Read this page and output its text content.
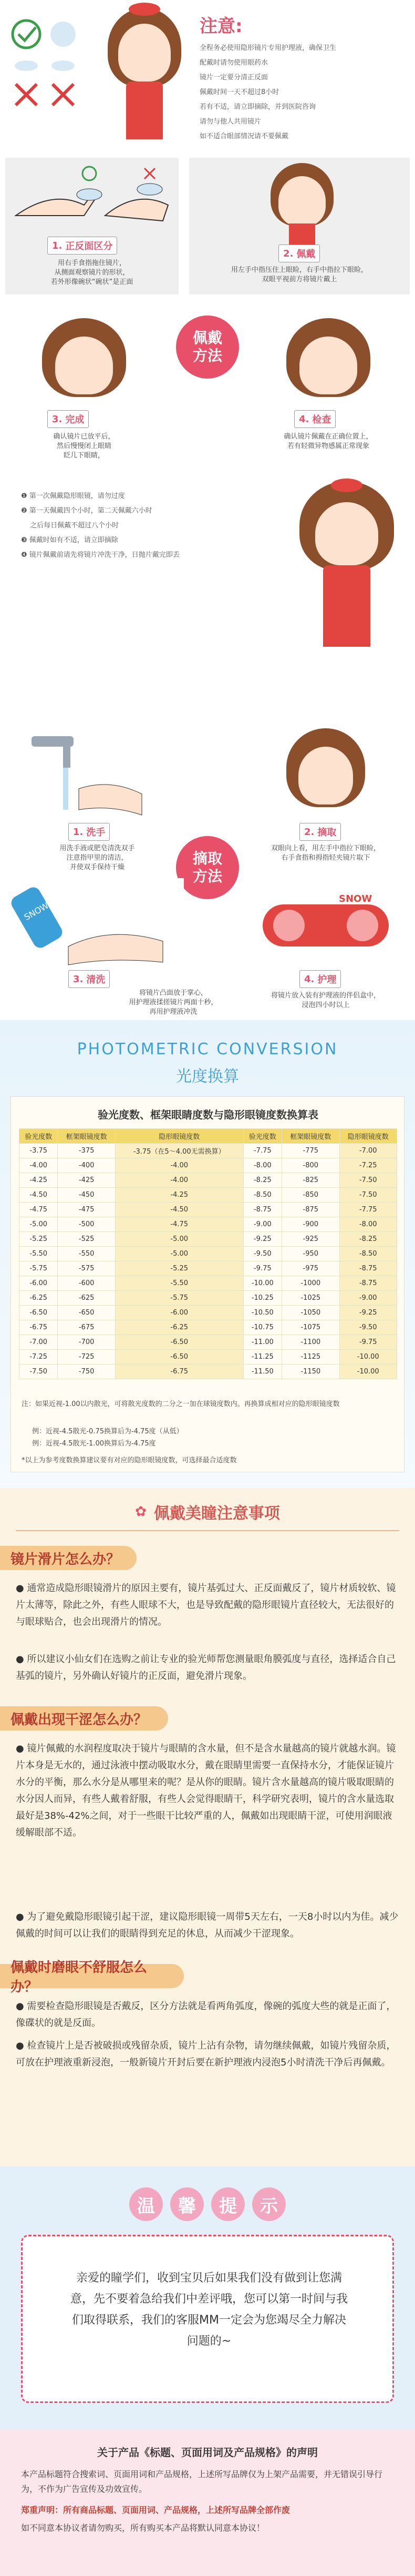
注意:
全程务必使用隐形镜片专用护理液，确保卫生
配戴时请勿使用眼药水
镜片一定要分清正反面
佩戴时间一天不超过8小时
若有不适，请立即摘除，并到医院咨询
请勿与他人共用镜片
如不适合眼部情况请不要佩戴
1. 正反面区分
用右手食指拖住镜片，
从侧面观察镜片的形状，
若外形像碗状“碗状”是正面
2. 佩戴
用左手中指压住上眼睑，右手中指拉下眼睑，
双眼平视前方将镜片戴上
佩戴
方法
3. 完成
确认镜片已放平后，
然后慢慢闭上眼睛
眨几下眼睛，
4. 检查
确认镜片佩戴在正确位置上，
若有轻微异物感属正常现象
❶ 第一次佩戴隐形眼镜，请勿过度
❷ 第一天佩戴四个小时，第二天佩戴六小时
　 之后每日佩戴不超过八个小时
❸ 佩戴时如有不适，请立即摘除
❹ 镜片佩戴前请先将镜片冲洗干净，日抛片戴完即丢
1. 洗手
用洗手液或肥皂清洗双手
注意指甲里的清洁，
并使双手保持干燥
2. 摘取
双眼向上看，用左手中指拉下眼睑，
右手食指和拇指轻夹镜片取下
摘取
方法
SNOW
3. 清洗
将镜片凸面放于掌心，
用护理液揉搓镜片两面十秒，
再用护理液冲洗
SNOW
4. 护理
将镜片放入装有护理液的伴侣盒中，
浸泡四小时以上
PHOTOMETRIC CONVERSION
光度换算
验光度数、框架眼睛度数与隐形眼镜度数换算表
验光度数	框架眼镜度数	隐形眼镜度数	验光度数	框架眼镜度数	隐形眼镜度数
-3.75	-375	-3.75（在5～4.00无需换算）	-7.75	-775	-7.00
-4.00	-400	-4.00	-8.00	-800	-7.25
-4.25	-425	-4.00	-8.25	-825	-7.50
-4.50	-450	-4.25	-8.50	-850	-7.50
-4.75	-475	-4.50	-8.75	-875	-7.75
-5.00	-500	-4.75	-9.00	-900	-8.00
-5.25	-525	-5.00	-9.25	-925	-8.25
-5.50	-550	-5.00	-9.50	-950	-8.50
-5.75	-575	-5.25	-9.75	-975	-8.75
-6.00	-600	-5.50	-10.00	-1000	-8.75
-6.25	-625	-5.75	-10.25	-1025	-9.00
-6.50	-650	-6.00	-10.50	-1050	-9.25
-6.75	-675	-6.25	-10.75	-1075	-9.50
-7.00	-700	-6.50	-11.00	-1100	-9.75
-7.25	-725	-6.50	-11.25	-1125	-10.00
-7.50	-750	-6.75	-11.50	-1150	-10.00
注：如果近视-1.00以内散光，可将散光度数的二分之一加在球镜度数内。再换算成相对应的隐形眼镜度数
例：近视-4.5散光-0.75换算后为-4.75度（从低）
例：近视-4.5散光-1.00换算后为-4.75度
*以上为参考度数换算建议要有对应的隐形眼镜度数，可选择最合适度数
✿ 佩戴美瞳注意事项
镜片滑片怎么办？
● 通常造成隐形眼镜滑片的原因主要有，镜片基弧过大、正反面戴反了，镜片材质较软、镜片太薄等，除此之外，有些人眼球不大，也是导致配戴的隐形眼镜片直径较大，无法很好的与眼球贴合，也会出现滑片的情况。
● 所以建议小仙女们在选购之前让专业的验光师帮您测量眼角膜弧度与直径，选择适合自己基弧的镜片，另外确认好镜片的正反面，避免滑片现象。
佩戴出现干涩怎么办？
● 镜片佩戴的水润程度取决于镜片与眼睛的含水量，但不是含水量越高的镜片就越水润。镜片本身是无水的，通过泳液中摆动吸取水分，戴在眼睛里需要一直保持水分，才能保证镜片水分的平衡，那么水分是从哪里来的呢？是从你的眼睛。镜片含水量越高的镜片吸取眼睛的水分因人而异，有些人戴着舒服，有些人会觉得眼睛干，科学研究表明，镜片的含水量选取最好是38%-42%之间，对于一些眼干比较严重的人，佩戴如出现眼睛干涩，可使用润眼液缓解眼部不适。
● 为了避免戴隐形眼镜引起干涩，建议隐形眼镜一周带5天左右，一天8小时以内为佳。减少佩戴的时间可以让我们的眼睛得到充足的休息，从而减少干涩现象。
佩戴时磨眼不舒服怎么办？
● 需要检查隐形眼镜是否戴反，区分方法就是看两角弧度，像碗的弧度大些的就是正面了，像碟状的就是反面。
● 检查镜片上是否被破损或残留杂质，镜片上沾有杂物，请勿继续佩戴，如镜片残留杂质，可放在护理液重新浸泡，一般新镜片开封后要在新护理液内浸泡5小时清洗干净后再佩戴。
温	馨	提	示
亲爱的瞳学们，收到宝贝后如果我们没有做到让您满意，先不要着急给我们中差评哦，您可以第一时间与我们取得联系，我们的客服MM一定会为您竭尽全力解决问题的~
关于产品《标题、页面用词及产品规格》的声明
本产品标题符合搜索词、页面用词和产品规格，上述所写品牌仅为上架产品需要，并无错误引导行为，不作为广告宣传及功效宣传。
郑重声明：所有商品标题、页面用词、产品规格，上述所写品牌全部作废
如不同意本协议者请勿购买，所有购买本产品将默认同意本协议！
